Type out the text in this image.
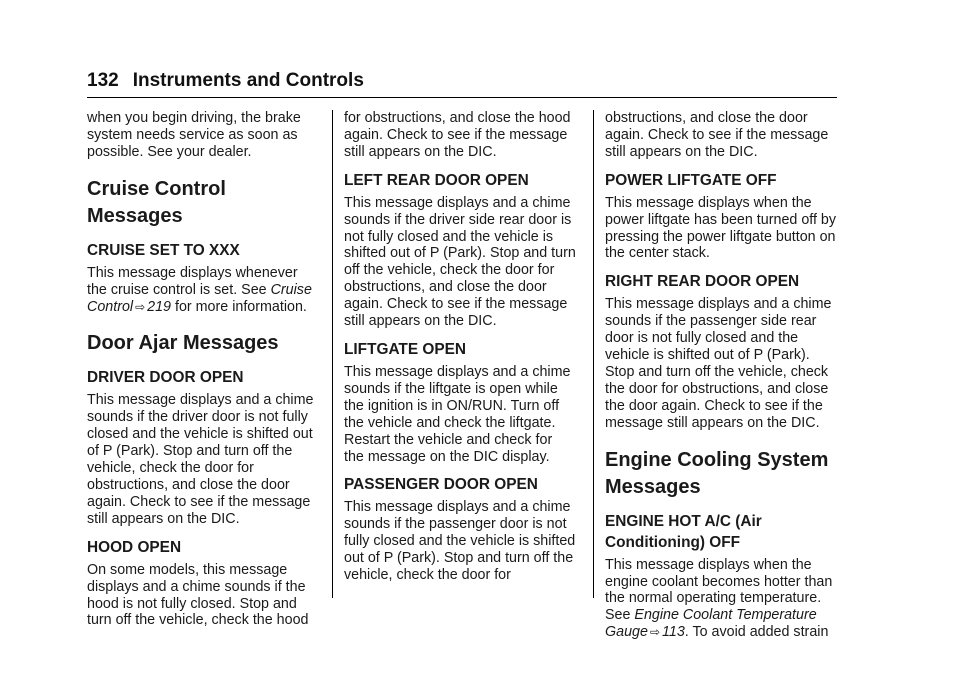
132 Instruments and Controls

when you begin driving, the brake system needs service as soon as possible. See your dealer.

Cruise Control Messages
CRUISE SET TO XXX

This message displays whenever the cruise control is set. See Cruise Control ⇨ 219 for more information.

Door Ajar Messages
DRIVER DOOR OPEN

This message displays and a chime sounds if the driver door is not fully closed and the vehicle is shifted out of P (Park). Stop and turn off the vehicle, check the door for obstructions, and close the door again. Check to see if the message still appears on the DIC.

HOOD OPEN

On some models, this message displays and a chime sounds if the hood is not fully closed. Stop and turn off the vehicle, check the hood

for obstructions, and close the hood again. Check to see if the message still appears on the DIC.

LEFT REAR DOOR OPEN

This message displays and a chime sounds if the driver side rear door is not fully closed and the vehicle is shifted out of P (Park). Stop and turn off the vehicle, check the door for obstructions, and close the door again. Check to see if the message still appears on the DIC.

LIFTGATE OPEN

This message displays and a chime sounds if the liftgate is open while the ignition is in ON/RUN. Turn off the vehicle and check the liftgate. Restart the vehicle and check for the message on the DIC display.

PASSENGER DOOR OPEN

This message displays and a chime sounds if the passenger door is not fully closed and the vehicle is shifted out of P (Park). Stop and turn off the vehicle, check the door for

obstructions, and close the door again. Check to see if the message still appears on the DIC.

POWER LIFTGATE OFF

This message displays when the power liftgate has been turned off by pressing the power liftgate button on the center stack.

RIGHT REAR DOOR OPEN

This message displays and a chime sounds if the passenger side rear door is not fully closed and the vehicle is shifted out of P (Park). Stop and turn off the vehicle, check the door for obstructions, and close the door again. Check to see if the message still appears on the DIC.

Engine Cooling System Messages
ENGINE HOT A/C (Air Conditioning) OFF

This message displays when the engine coolant becomes hotter than the normal operating temperature. See Engine Coolant Temperature Gauge ⇨ 113. To avoid added strain
